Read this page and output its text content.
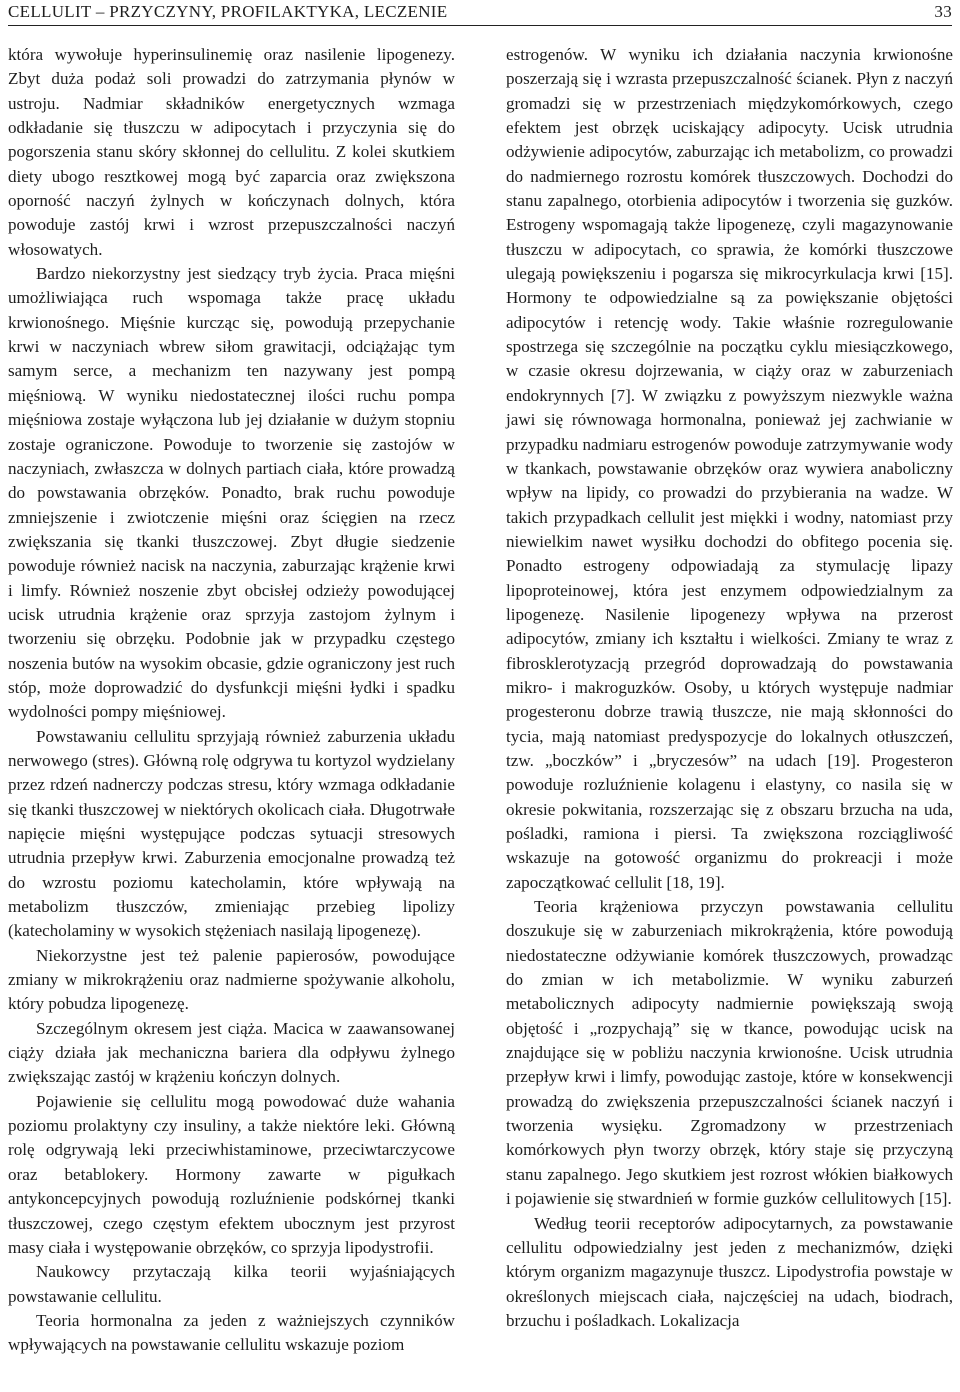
CELLULIT – PRZYCZYNY, PROFILAKTYKA, LECZENIE	33

która wywołuje hyperinsulinemię oraz nasilenie lipogenezy. Zbyt duża podaż soli prowadzi do zatrzymania płynów w ustroju. Nadmiar składników energetycznych wzmaga odkładanie się tłuszczu w adipocytach i przyczynia się do pogorszenia stanu skóry skłonnej do cellulitu. Z kolei skutkiem diety ubogo resztkowej mogą być zaparcia oraz zwiększona oporność naczyń żylnych w kończynach dolnych, która powoduje zastój krwi i wzrost przepuszczalności naczyń włosowatych.

Bardzo niekorzystny jest siedzący tryb życia. Praca mięśni umożliwiająca ruch wspomaga także pracę układu krwionośnego. Mięśnie kurcząc się, powodują przepychanie krwi w naczyniach wbrew siłom grawitacji, odciążając tym samym serce, a mechanizm ten nazywany jest pompą mięśniową. W wyniku niedostatecznej ilości ruchu pompa mięśniowa zostaje wyłączona lub jej działanie w dużym stopniu zostaje ograniczone. Powoduje to tworzenie się zastojów w naczyniach, zwłaszcza w dolnych partiach ciała, które prowadzą do powstawania obrzęków. Ponadto, brak ruchu powoduje zmniejszenie i zwiotczenie mięśni oraz ścięgien na rzecz zwiększania się tkanki tłuszczowej. Zbyt długie siedzenie powoduje również nacisk na naczynia, zaburzając krążenie krwi i limfy. Również noszenie zbyt obcisłej odzieży powodującej ucisk utrudnia krążenie oraz sprzyja zastojom żylnym i tworzeniu się obrzęku. Podobnie jak w przypadku częstego noszenia butów na wysokim obcasie, gdzie ograniczony jest ruch stóp, może doprowadzić do dysfunkcji mięśni łydki i spadku wydolności pompy mięśniowej.

Powstawaniu cellulitu sprzyjają również zaburzenia układu nerwowego (stres). Główną rolę odgrywa tu kortyzol wydzielany przez rdzeń nadnerczy podczas stresu, który wzmaga odkładanie się tkanki tłuszczowej w niektórych okolicach ciała. Długotrwałe napięcie mięśni występujące podczas sytuacji stresowych utrudnia przepływ krwi. Zaburzenia emocjonalne prowadzą też do wzrostu poziomu katecholamin, które wpływają na metabolizm tłuszczów, zmieniając przebieg lipolizy (katecholaminy w wysokich stężeniach nasilają lipogenezę).

Niekorzystne jest też palenie papierosów, powodujące zmiany w mikrokrążeniu oraz nadmierne spożywanie alkoholu, który pobudza lipogenezę.

Szczególnym okresem jest ciąża. Macica w zaawansowanej ciąży działa jak mechaniczna bariera dla odpływu żylnego zwiększając zastój w krążeniu kończyn dolnych.

Pojawienie się cellulitu mogą powodować duże wahania poziomu prolaktyny czy insuliny, a także niektóre leki. Główną rolę odgrywają leki przeciwhistaminowe, przeciwtarczycowe oraz betablokery. Hormony zawarte w pigułkach antykoncepcyjnych powodują rozluźnienie podskórnej tkanki tłuszczowej, czego częstym efektem ubocznym jest przyrost masy ciała i występowanie obrzęków, co sprzyja lipodystrofii.

Naukowcy przytaczają kilka teorii wyjaśniających powstawanie cellulitu.

Teoria hormonalna za jeden z ważniejszych czynników wpływających na powstawanie cellulitu wskazuje poziom

estrogenów. W wyniku ich działania naczynia krwionośne poszerzają się i wzrasta przepuszczalność ścianek. Płyn z naczyń gromadzi się w przestrzeniach międzykomórkowych, czego efektem jest obrzęk uciskający adipocyty. Ucisk utrudnia odżywienie adipocytów, zaburzając ich metabolizm, co prowadzi do nadmiernego rozrostu komórek tłuszczowych. Dochodzi do stanu zapalnego, otorbienia adipocytów i tworzenia się guzków. Estrogeny wspomagają także lipogenezę, czyli magazynowanie tłuszczu w adipocytach, co sprawia, że komórki tłuszczowe ulegają powiększeniu i pogarsza się mikrocyrkulacja krwi [15]. Hormony te odpowiedzialne są za powiększanie objętości adipocytów i retencję wody. Takie właśnie rozregulowanie spostrzega się szczególnie na początku cyklu miesiączkowego, w czasie okresu dojrzewania, w ciąży oraz w zaburzeniach endokrynnych [7]. W związku z powyższym niezwykle ważna jawi się równowaga hormonalna, ponieważ jej zachwianie w przypadku nadmiaru estrogenów powoduje zatrzymywanie wody w tkankach, powstawanie obrzęków oraz wywiera anaboliczny wpływ na lipidy, co prowadzi do przybierania na wadze. W takich przypadkach cellulit jest miękki i wodny, natomiast przy niewielkim nawet wysiłku dochodzi do obfitego pocenia się. Ponadto estrogeny odpowiadają za stymulację lipazy lipoproteinowej, która jest enzymem odpowiedzialnym za lipogenezę. Nasilenie lipogenezy wpływa na przerost adipocytów, zmiany ich kształtu i wielkości. Zmiany te wraz z fibrosklerotyzacją przegród doprowadzają do powstawania mikro- i makroguzków. Osoby, u których występuje nadmiar progesteronu dobrze trawią tłuszcze, nie mają skłonności do tycia, mają natomiast predyspozycje do lokalnych otłuszczeń, tzw. „boczków” i „bryczesów” na udach [19]. Progesteron powoduje rozluźnienie kolagenu i elastyny, co nasila się w okresie pokwitania, rozszerzając się z obszaru brzucha na uda, pośladki, ramiona i piersi. Ta zwiększona rozciągliwość wskazuje na gotowość organizmu do prokreacji i może zapoczątkować cellulit [18, 19].

Teoria krążeniowa przyczyn powstawania cellulitu doszukuje się w zaburzeniach mikrokrążenia, które powodują niedostateczne odżywianie komórek tłuszczowych, prowadząc do zmian w ich metabolizmie. W wyniku zaburzeń metabolicznych adipocyty nadmiernie powiększają swoją objętość i „rozpychają” się w tkance, powodując ucisk na znajdujące się w pobliżu naczynia krwionośne. Ucisk utrudnia przepływ krwi i limfy, powodując zastoje, które w konsekwencji prowadzą do zwiększenia przepuszczalności ścianek naczyń i tworzenia wysięku. Zgromadzony w przestrzeniach komórkowych płyn tworzy obrzęk, który staje się przyczyną stanu zapalnego. Jego skutkiem jest rozrost włókien białkowych i pojawienie się stwardnień w formie guzków cellulitowych [15].

Według teorii receptorów adipocytarnych, za powstawanie cellulitu odpowiedzialny jest jeden z mechanizmów, dzięki którym organizm magazynuje tłuszcz. Lipodystrofia powstaje w określonych miejscach ciała, najczęściej na udach, biodrach, brzuchu i pośladkach. Lokalizacja
